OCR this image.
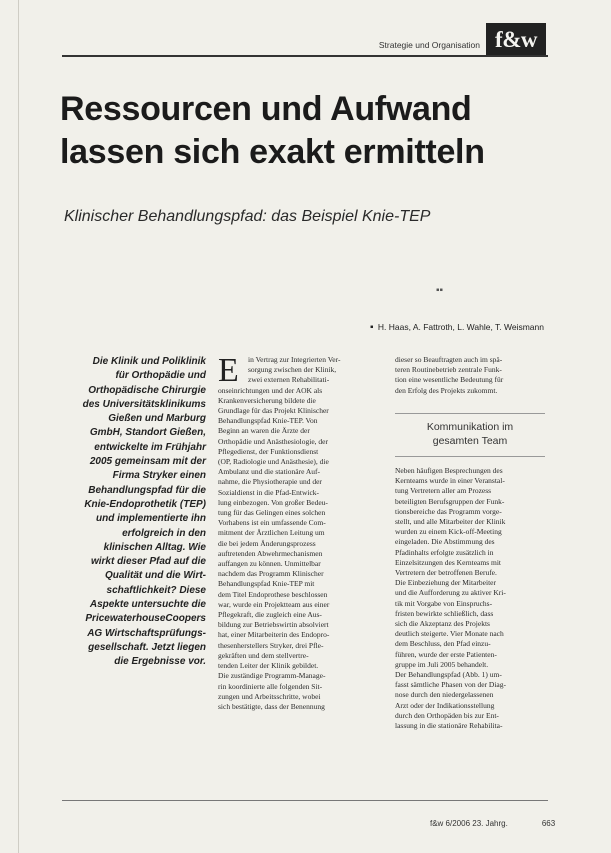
Strategie und Organisation f&w
Ressourcen und Aufwand
lassen sich exakt ermitteln
Klinischer Behandlungspfad: das Beispiel Knie-TEP
▪▪
▪ H. Haas, A. Fattroth, L. Wahle, T. Weismann
Die Klinik und Poliklinik
für Orthopädie und
Orthopädische Chirurgie
des Universitätsklinikums
Gießen und Marburg
GmbH, Standort Gießen,
entwickelte im Frühjahr
2005 gemeinsam mit der
Firma Stryker einen
Behandlungspfad für die
Knie-Endoprothetik (TEP)
und implementierte ihn
erfolgreich in den
klinischen Alltag. Wie
wirkt dieser Pfad auf die
Qualität und die Wirt-
schaftlichkeit? Diese
Aspekte untersuchte die
PricewaterhouseCoopers
AG Wirtschaftsprüfungs-
gesellschaft. Jetzt liegen
die Ergebnisse vor.
E	in Vertrag zur Integrierten Ver-
sorgung zwischen der Klinik,
zwei externen Rehabilitati-
onseinrichtungen und der AOK als
Krankenversicherung bildete die
Grundlage für das Projekt Klinischer
Behandlungspfad Knie-TEP. Von
Beginn an waren die Ärzte der
Orthopädie und Anästhesiologie, der
Pflegedienst, der Funktionsdienst
(OP, Radiologie und Anästhesie), die
Ambulanz und die stationäre Auf-
nahme, die Physiotherapie und der
Sozialdienst in die Pfad-Entwick-
lung einbezogen. Von großer Bedeu-
tung für das Gelingen eines solchen
Vorhabens ist ein umfassende Com-
mitment der Ärztlichen Leitung um
die bei jedem Änderungsprozess
auftretenden Abwehrmechanismen
auffangen zu können. Unmittelbar
nachdem das Programm Klinischer
Behandlungspfad Knie-TEP mit
dem Titel Endoprothese beschlossen
war, wurde ein Projektteam aus einer
Pflegekraft, die zugleich eine Aus-
bildung zur Betriebswirtin absolviert
hat, einer Mitarbeiterin des Endopro-
thesenherstellers Stryker, drei Pfle-
gekräften und dem stellvertre-
tenden Leiter der Klinik gebildet.
Die zuständige Programm-Manage-
rin koordinierte alle folgenden Sit-
zungen und Arbeitsschritte, wobei
sich bestätigte, dass der Benennung
dieser so Beauftragten auch im spä-
teren Routinebetrieb zentrale Funk-
tion eine wesentliche Bedeutung für
den Erfolg des Projekts zukommt.
Kommunikation im
gesamten Team
Neben häufigen Besprechungen des
Kernteams wurde in einer Veranstal-
tung Vertretern aller am Prozess
beteiligten Berufsgruppen der Funk-
tionsbereiche das Programm vorge-
stellt, und alle Mitarbeiter der Klinik
wurden zu einem Kick-off-Meeting
eingeladen. Die Abstimmung des
Pfadinhalts erfolgte zusätzlich in
Einzelsitzungen des Kernteams mit
Vertretern der betroffenen Berufe.
Die Einbeziehung der Mitarbeiter
und die Aufforderung zu aktiver Kri-
tik mit Vorgabe von Einspruchs-
fristen bewirkte schließlich, dass
sich die Akzeptanz des Projekts
deutlich steigerte. Vier Monate nach
dem Beschluss, den Pfad einzu-
führen, wurde der erste Patienten-
gruppe im Juli 2005 behandelt.
Der Behandlungspfad (Abb. 1) um-
fasst sämtliche Phasen von der Diag-
nose durch den niedergelassenen
Arzt oder der Indikationsstellung
durch den Orthopäden bis zur Ent-
lassung in die stationäre Rehabilita-
f&w 6/2006 23. Jahrg.	663
